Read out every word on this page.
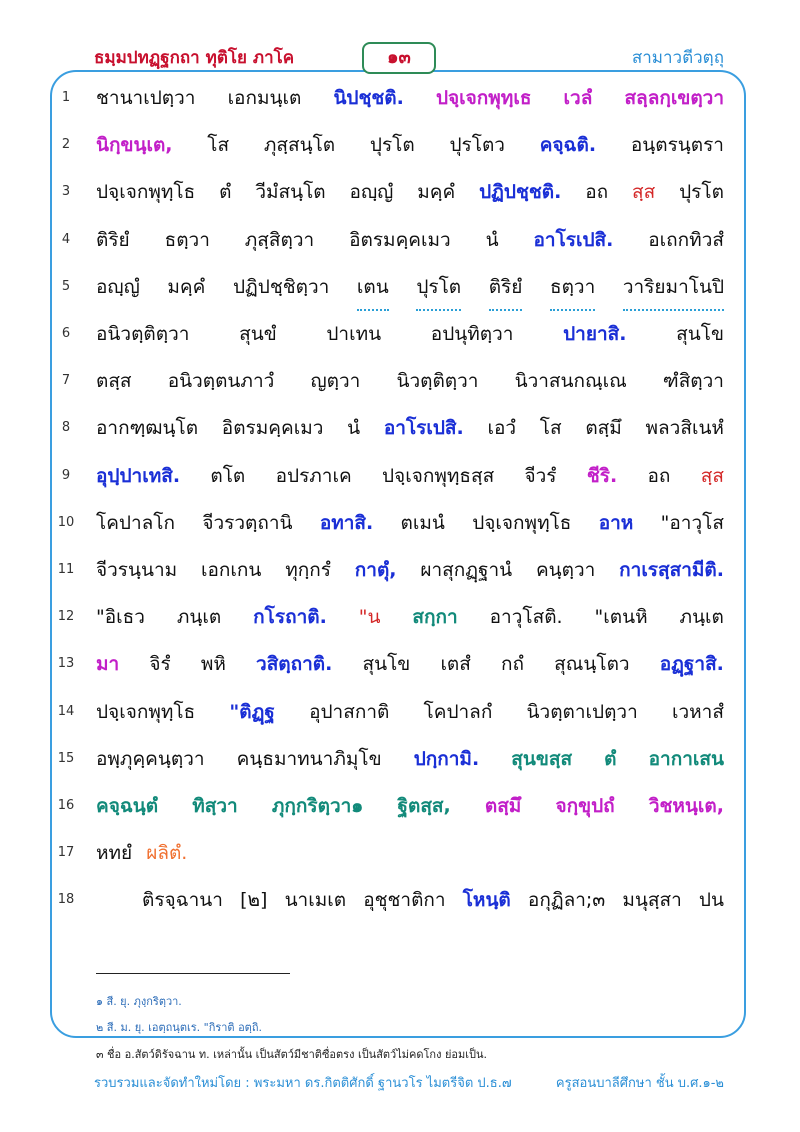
ธมฺมปทฏฺฐกถา ทุติโย ภาโค	๑๓	สามาวตีวตฺถุ
1	ชานาเปตฺวา เอกมนฺเต นิปชฺชติ. ปจฺเจกพุทฺเธ เวลํ สลฺลกฺเขตฺวา
2	นิกฺขนฺเต, โส ภุสฺสนฺโต ปุรโต ปุรโตว คจฺฉติ. อนฺตรนฺตรา
3	ปจฺเจกพุทฺโธ ตํ วีมํสนฺโต อญฺญํ มคฺคํ ปฏิปชฺชติ. อถ สฺส ปุรโต
4	ติริยํ ธตฺวา ภุสฺสิตฺวา อิตรมคฺคเมว นํ อาโรเปสิ. อเถกทิวสํ
5	อญฺญํ มคฺคํ ปฏิปชฺชิตฺวา เตน ปุรโต ติริยํ ธตฺวา วาริยมาโนปิ
6	อนิวตฺติตฺวา	สุนขํ	ปาเทน	อปนุทิตฺวา	ปายาสิ.	สุนโข
7	ตสฺส อนิวตฺตนภาวํ ญตฺวา นิวตฺติตฺวา นิวาสนกณฺเณ ฑํสิตฺวา
8	อากฑฺฒนฺโต อิตรมคฺคเมว นํ อาโรเปสิ. เอวํ โส ตสฺมึ พลวสิเนหํ
9	อุปฺปาเทสิ. ตโต อปรภาเค ปจฺเจกพุทฺธสฺส จีวรํ ชีริ. อถ สฺส
10	โคปาลโก จีวรวตฺถานิ อทาสิ. ตเมนํ ปจฺเจกพุทฺโธ อาห "อาวุโส
11	จีวรนฺนาม เอกเกน ทุกฺกรํ กาตุํ, ผาสุกฏฺฐานํ คนฺตฺวา กาเรสฺสามีติ.
12	"อิเธว ภนฺเต กโรถาติ. "น สกฺกา อาวุโสติ. "เตนหิ ภนฺเต
13	มา จิรํ พหิ วสิตฺถาติ. สุนโข เตสํ กถํ สุณนฺโตว อฏฺฐาสิ.
14	ปจฺเจกพุทฺโธ "ติฏฺฐ อุปาสกาติ โคปาลกํ นิวตฺตาเปตฺวา เวหาสํ
15	อพฺภุคฺคนฺตฺวา คนฺธมาทนาภิมุโข ปกฺกามิ. สุนขสฺส ตํ อากาเสน
16	คจฺฉนฺตํ ทิสฺวา ภุกฺกริตฺวา๑ ฐิตสฺส, ตสฺมึ จกฺขุปถํ วิชหนฺเต,
17	หทยํ ผลิตํ.
18	ติรจฺฉานา [๒] นาเมเต อุชุชาติกา โหนฺติ อกุฏิลา;๓ มนุสฺสา ปน
๑ สี. ยุ. ภุงฺกริตฺวา.
๒ สี. ม. ยุ. เอตฺถนฺตเร. "กิราติ อตฺถิ.
๓ ชื่อ อ.สัตว์ดิรัจฉาน ท. เหล่านั้น เป็นสัตว์มีชาติซื่อตรง เป็นสัตว์ไม่คดโกง ย่อมเป็น.
รวบรวมและจัดทำใหม่โดย : พระมหา ดร.กิตติศักดิ์ ฐานวโร ไมตรีจิต ป.ธ.๗	ครูสอนบาลีศึกษา ชั้น บ.ศ.๑-๒
